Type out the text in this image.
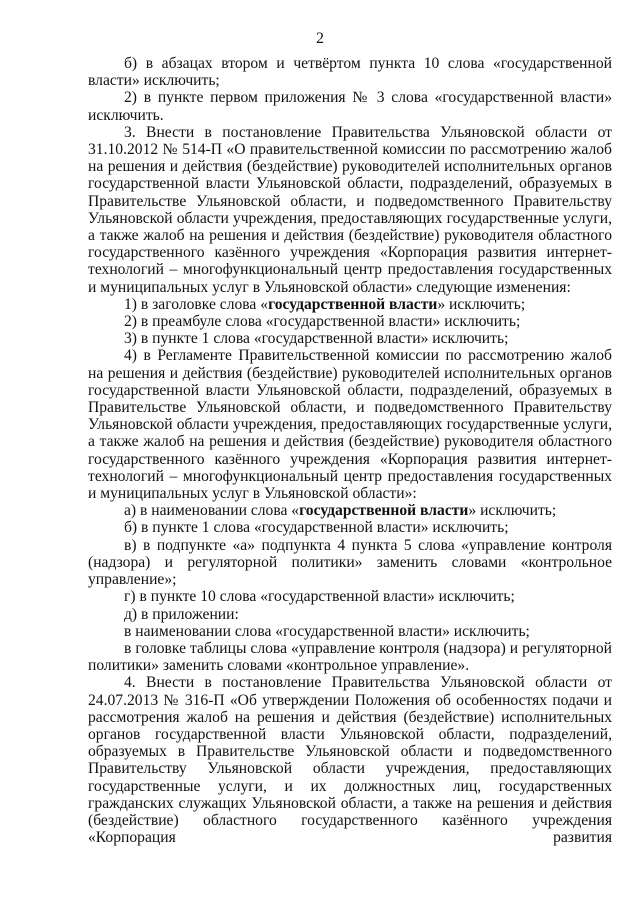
2

б) в абзацах втором и четвёртом пункта 10 слова «государственной власти» исключить;

2) в пункте первом приложения № 3 слова «государственной власти» исключить.

3. Внести в постановление Правительства Ульяновской области от 31.10.2012 № 514-П «О правительственной комиссии по рассмотрению жалоб на решения и действия (бездействие) руководителей исполнительных органов государственной власти Ульяновской области, подразделений, образуемых в Правительстве Ульяновской области, и подведомственного Правительству Ульяновской области учреждения, предоставляющих государственные услуги, а также жалоб на решения и действия (бездействие) руководителя областного государственного казённого учреждения «Корпорация развития интернет-технологий – многофункциональный центр предоставления государственных и муниципальных услуг в Ульяновской области» следующие изменения:

1) в заголовке слова «государственной власти» исключить;

2) в преамбуле слова «государственной власти» исключить;

3) в пункте 1 слова «государственной власти» исключить;

4) в Регламенте Правительственной комиссии по рассмотрению жалоб на решения и действия (бездействие) руководителей исполнительных органов государственной власти Ульяновской области, подразделений, образуемых в Правительстве Ульяновской области, и подведомственного Правительству Ульяновской области учреждения, предоставляющих государственные услуги, а также жалоб на решения и действия (бездействие) руководителя областного государственного казённого учреждения «Корпорация развития интернет-технологий – многофункциональный центр предоставления государственных и муниципальных услуг в Ульяновской области»:

а) в наименовании слова «государственной власти» исключить;

б) в пункте 1 слова «государственной власти» исключить;

в) в подпункте «а» подпункта 4 пункта 5 слова «управление контроля (надзора) и регуляторной политики» заменить словами «контрольное управление»;

г) в пункте 10 слова «государственной власти» исключить;

д) в приложении:

в наименовании слова «государственной власти» исключить;

в головке таблицы слова «управление контроля (надзора) и регуляторной политики» заменить словами «контрольное управление».

4. Внести в постановление Правительства Ульяновской области от 24.07.2013 № 316-П «Об утверждении Положения об особенностях подачи и рассмотрения жалоб на решения и действия (бездействие) исполнительных органов государственной власти Ульяновской области, подразделений, образуемых в Правительстве Ульяновской области и подведомственного Правительству Ульяновской области учреждения, предоставляющих государственные услуги, и их должностных лиц, государственных гражданских служащих Ульяновской области, а также на решения и действия (бездействие) областного государственного казённого учреждения «Корпорация развития
